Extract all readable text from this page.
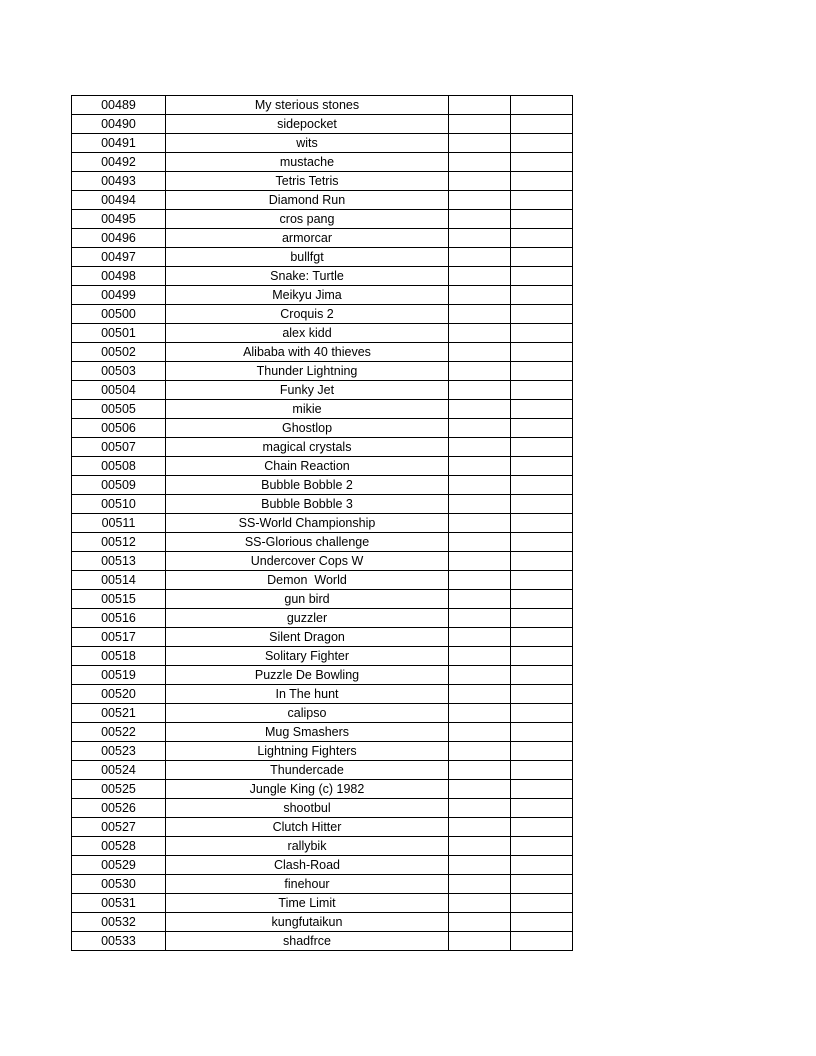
00489	My sterious stones		
00490	sidepocket		
00491	wits		
00492	mustache		
00493	Tetris Tetris		
00494	Diamond Run		
00495	cros pang		
00496	armorcar		
00497	bullfgt		
00498	Snake: Turtle		
00499	Meikyu Jima		
00500	Croquis 2		
00501	alex kidd		
00502	Alibaba with 40 thieves		
00503	Thunder Lightning		
00504	Funky Jet		
00505	mikie		
00506	Ghostlop		
00507	magical crystals		
00508	Chain Reaction		
00509	Bubble Bobble 2		
00510	Bubble Bobble 3		
00511	SS-World Championship		
00512	SS-Glorious challenge		
00513	Undercover Cops W		
00514	Demon  World		
00515	gun bird		
00516	guzzler		
00517	Silent Dragon		
00518	Solitary Fighter		
00519	Puzzle De Bowling		
00520	In The hunt		
00521	calipso		
00522	Mug Smashers		
00523	Lightning Fighters		
00524	Thundercade		
00525	Jungle King (c) 1982		
00526	shootbul		
00527	Clutch Hitter		
00528	rallybik		
00529	Clash-Road		
00530	finehour		
00531	Time Limit		
00532	kungfutaikun		
00533	shadfrce		
